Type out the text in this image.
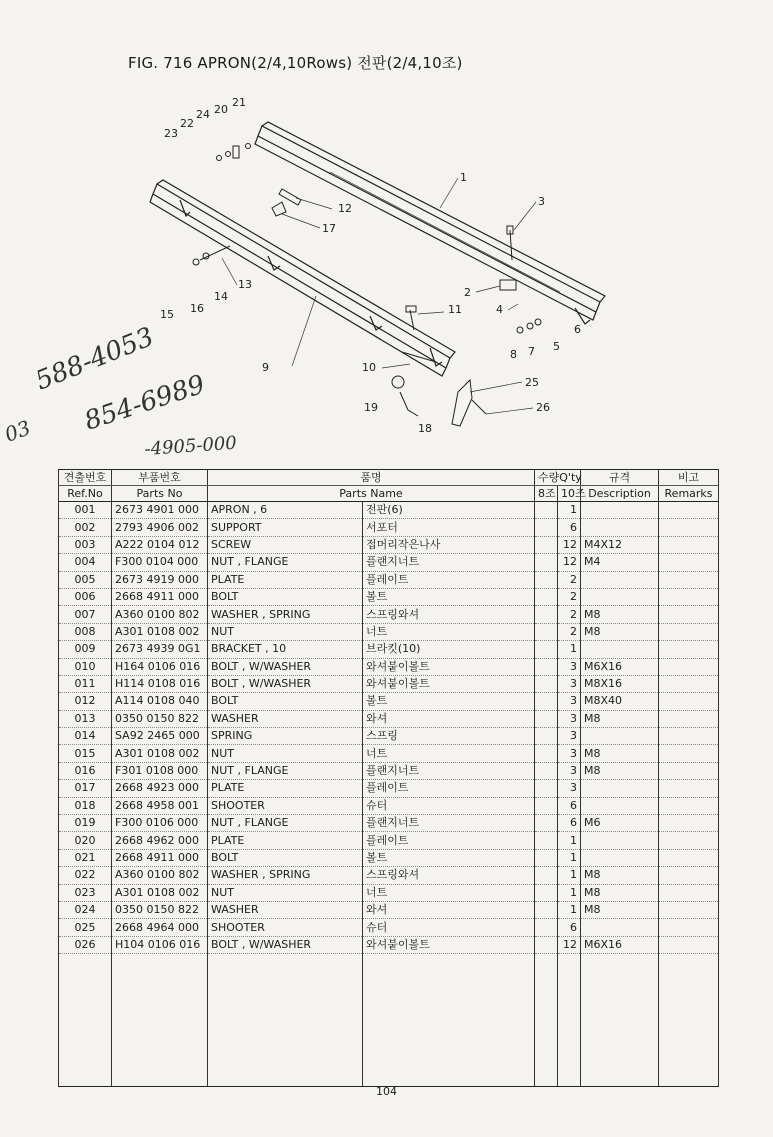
FIG. 716 APRON(2/4,10Rows) 전판(2/4,10조)
1
2
3
4
5
6
7
8
9	10
11
12
13
14
15 16
17
18
19
20
21
22
23
24
25
26
588-4053
854-6989
-4905-000
03
견출번호	부품번호	품명		수량Q'ty		규격	비고
Ref.No	Parts No	Parts Name		8조	10조	Description	Remarks
001	2673 4901 000	APRON , 6	전판(6)		1		
002	2793 4906 002	SUPPORT	서포터		6		
003	A222 0104 012	SCREW	접머리작은나사		12	M4X12	
004	F300 0104 000	NUT , FLANGE	플랜지너트		12	M4	
005	2673 4919 000	PLATE	플레이트		2		
006	2668 4911 000	BOLT	볼트		2		
007	A360 0100 802	WASHER , SPRING	스프링와셔		2	M8	
008	A301 0108 002	NUT	너트		2	M8	
009	2673 4939 0G1	BRACKET , 10	브라킷(10)		1		
010	H164 0106 016	BOLT , W/WASHER	와셔붙이볼트		3	M6X16	
011	H114 0108 016	BOLT , W/WASHER	와셔붙이볼트		3	M8X16	
012	A114 0108 040	BOLT	볼트		3	M8X40	
013	0350 0150 822	WASHER	와셔		3	M8	
014	SA92 2465 000	SPRING	스프링		3		
015	A301 0108 002	NUT	너트		3	M8	
016	F301 0108 000	NUT , FLANGE	플랜지너트		3	M8	
017	2668 4923 000	PLATE	플레이트		3		
018	2668 4958 001	SHOOTER	슈터		6		
019	F300 0106 000	NUT , FLANGE	플랜지너트		6	M6	
020	2668 4962 000	PLATE	플레이트		1		
021	2668 4911 000	BOLT	볼트		1		
022	A360 0100 802	WASHER , SPRING	스프링와셔		1	M8	
023	A301 0108 002	NUT	너트		1	M8	
024	0350 0150 822	WASHER	와셔		1	M8	
025	2668 4964 000	SHOOTER	슈터		6		
026	H104 0106 016	BOLT , W/WASHER	와셔붙이볼트		12	M6X16	

104
